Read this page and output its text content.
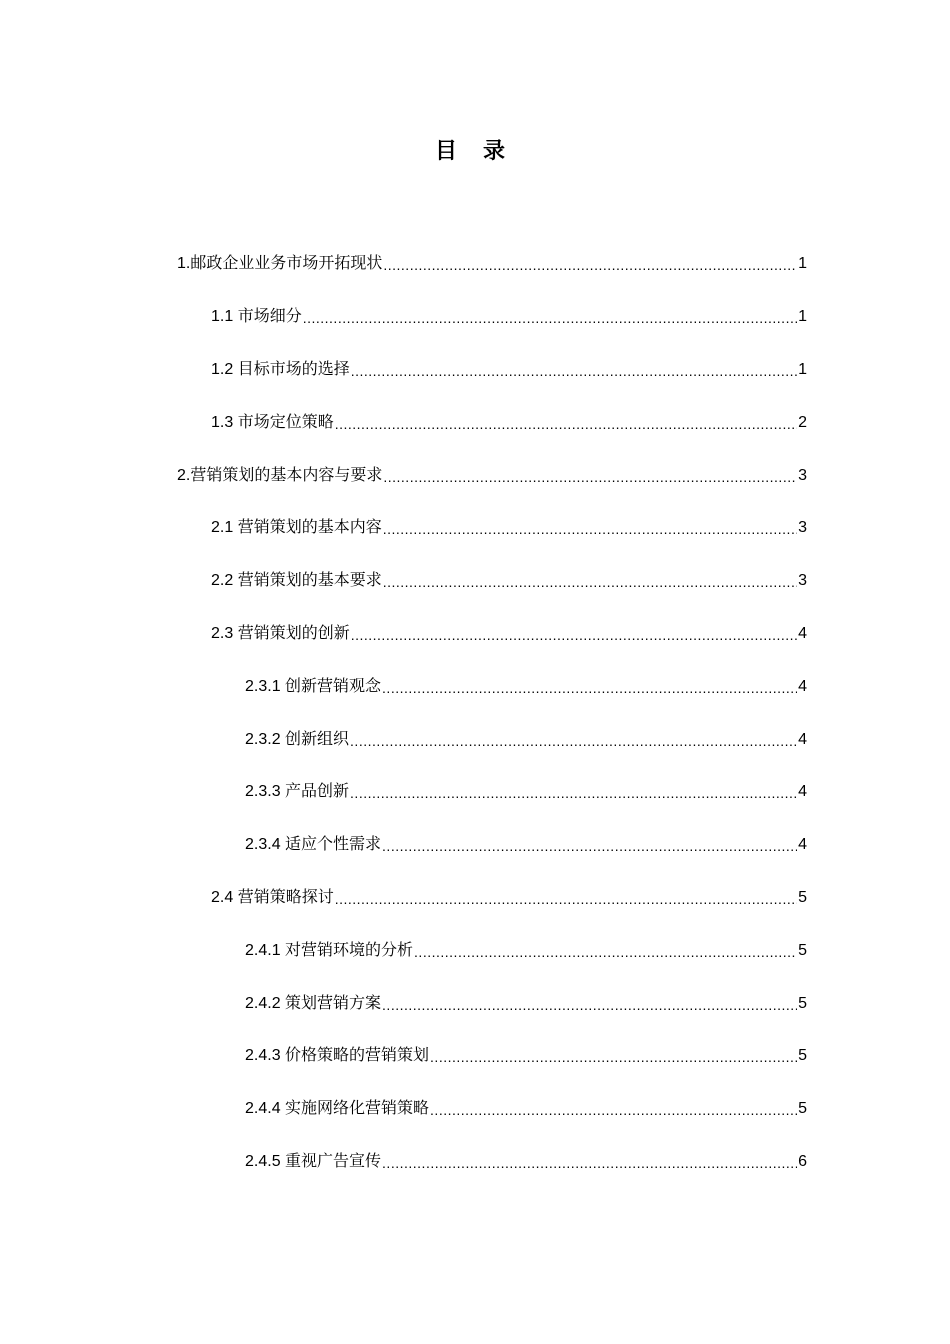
目 录
1.邮政企业业务市场开拓现状 .....	1
1.1 市场细分 .....	1
1.2 目标市场的选择 .....	1
1.3 市场定位策略 .....	2
2.营销策划的基本内容与要求 .....	3
2.1 营销策划的基本内容 .....	3
2.2 营销策划的基本要求 .....	3
2.3 营销策划的创新 .....	4
2.3.1 创新营销观念 .....	4
2.3.2 创新组织 .....	4
2.3.3 产品创新 .....	4
2.3.4 适应个性需求 .....	4
2.4 营销策略探讨 .....	5
2.4.1 对营销环境的分析 .....	5
2.4.2 策划营销方案 .....	5
2.4.3 价格策略的营销策划 .....	5
2.4.4 实施网络化营销策略 .....	5
2.4.5 重视广告宣传 .....	6
